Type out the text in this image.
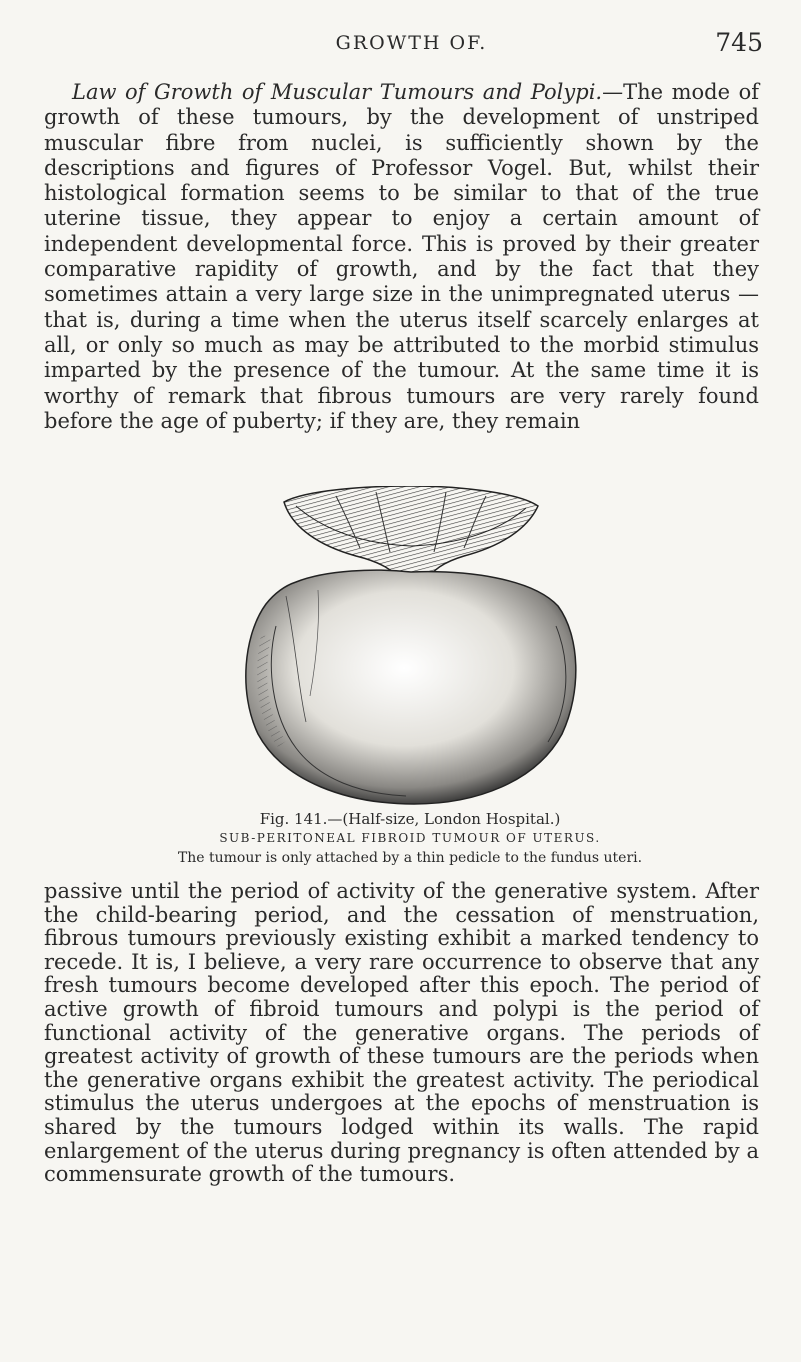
GROWTH OF.	745

Law of Growth of Muscular Tumours and Polypi.—The mode of growth of these tumours, by the development of unstriped muscular fibre from nuclei, is sufficiently shown by the descriptions and figures of Professor Vogel. But, whilst their histological formation seems to be similar to that of the true uterine tissue, they appear to enjoy a certain amount of independent developmental force. This is proved by their greater comparative rapidity of growth, and by the fact that they sometimes attain a very large size in the unimpregnated uterus —that is, during a time when the uterus itself scarcely enlarges at all, or only so much as may be attributed to the morbid stimulus imparted by the presence of the tumour. At the same time it is worthy of remark that fibrous tumours are very rarely found before the age of puberty; if they are, they remain

Fig. 141.—(Half-size, London Hospital.)
SUB-PERITONEAL FIBROID TUMOUR OF UTERUS.
The tumour is only attached by a thin pedicle to the fundus uteri.

passive until the period of activity of the generative system. After the child-bearing period, and the cessation of menstruation, fibrous tumours previously existing exhibit a marked tendency to recede. It is, I believe, a very rare occurrence to observe that any fresh tumours become developed after this epoch. The period of active growth of fibroid tumours and polypi is the period of functional activity of the generative organs. The periods of greatest activity of growth of these tumours are the periods when the generative organs exhibit the greatest activity. The periodical stimulus the uterus undergoes at the epochs of menstruation is shared by the tumours lodged within its walls. The rapid enlargement of the uterus during pregnancy is often attended by a commensurate growth of the tumours.
